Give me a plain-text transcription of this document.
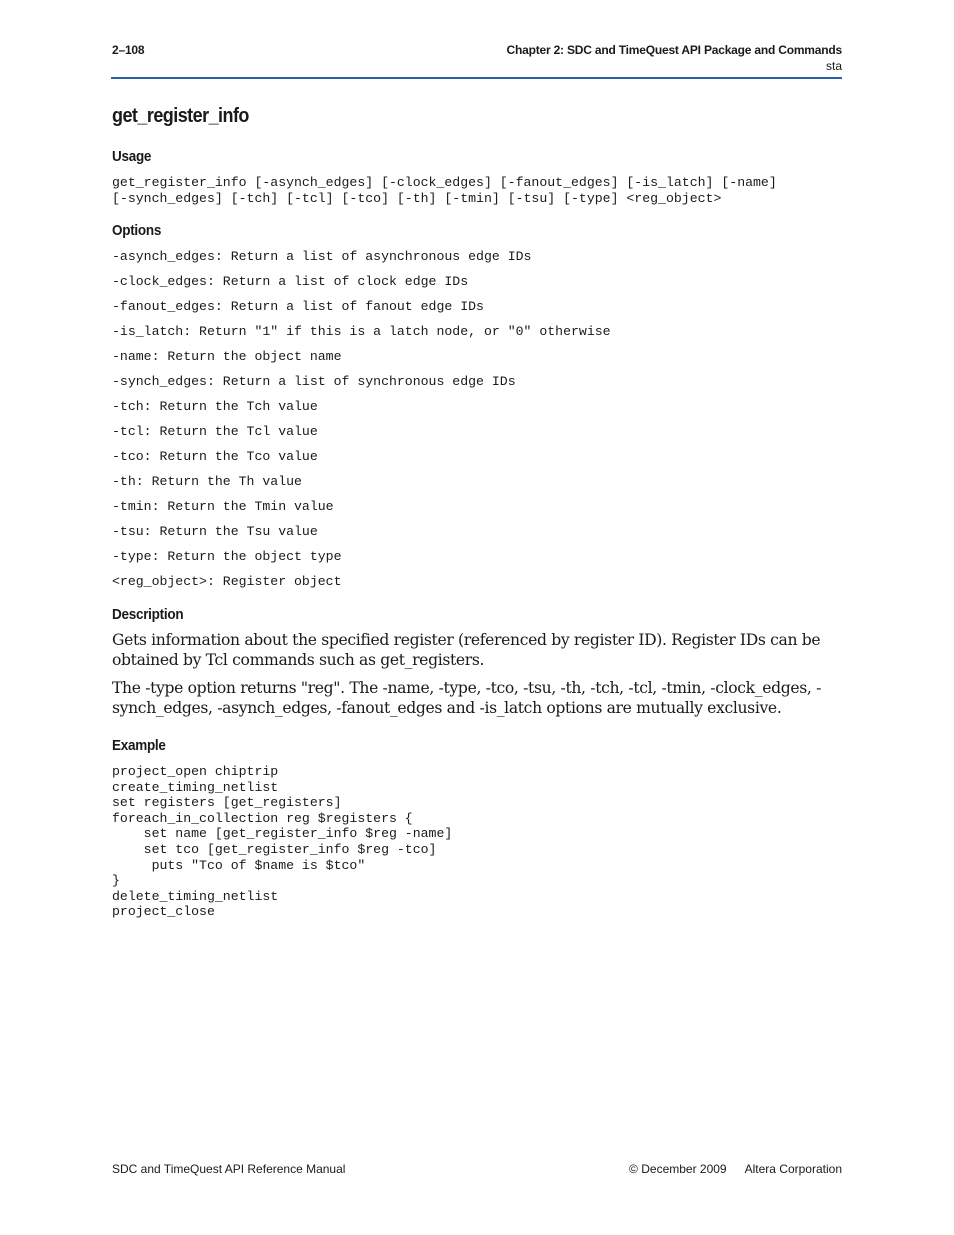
2–108	Chapter 2: SDC and TimeQuest API Package and Commands
sta
get_register_info
Usage
get_register_info [-asynch_edges] [-clock_edges] [-fanout_edges] [-is_latch] [-name]
[-synch_edges] [-tch] [-tcl] [-tco] [-th] [-tmin] [-tsu] [-type] <reg_object>
Options
-asynch_edges: Return a list of asynchronous edge IDs
-clock_edges: Return a list of clock edge IDs
-fanout_edges: Return a list of fanout edge IDs
-is_latch: Return "1" if this is a latch node, or "0" otherwise
-name: Return the object name
-synch_edges: Return a list of synchronous edge IDs
-tch: Return the Tch value
-tcl: Return the Tcl value
-tco: Return the Tco value
-th: Return the Th value
-tmin: Return the Tmin value
-tsu: Return the Tsu value
-type: Return the object type
<reg_object>: Register object
Description

Gets information about the specified register (referenced by register ID). Register IDs can be obtained by Tcl commands such as get_registers.

The -type option returns "reg". The -name, -type, -tco, -tsu, -th, -tch, -tcl, -tmin, -clock_edges, -synch_edges, -asynch_edges, -fanout_edges and -is_latch options are mutually exclusive.

Example
project_open chiptrip
create_timing_netlist
set registers [get_registers]
foreach_in_collection reg $registers {
set name [get_register_info $reg -name]
set tco [get_register_info $reg -tco]
puts "Tco of $name is $tco"
}
delete_timing_netlist
project_close
SDC and TimeQuest API Reference Manual	© December 2009 Altera Corporation
